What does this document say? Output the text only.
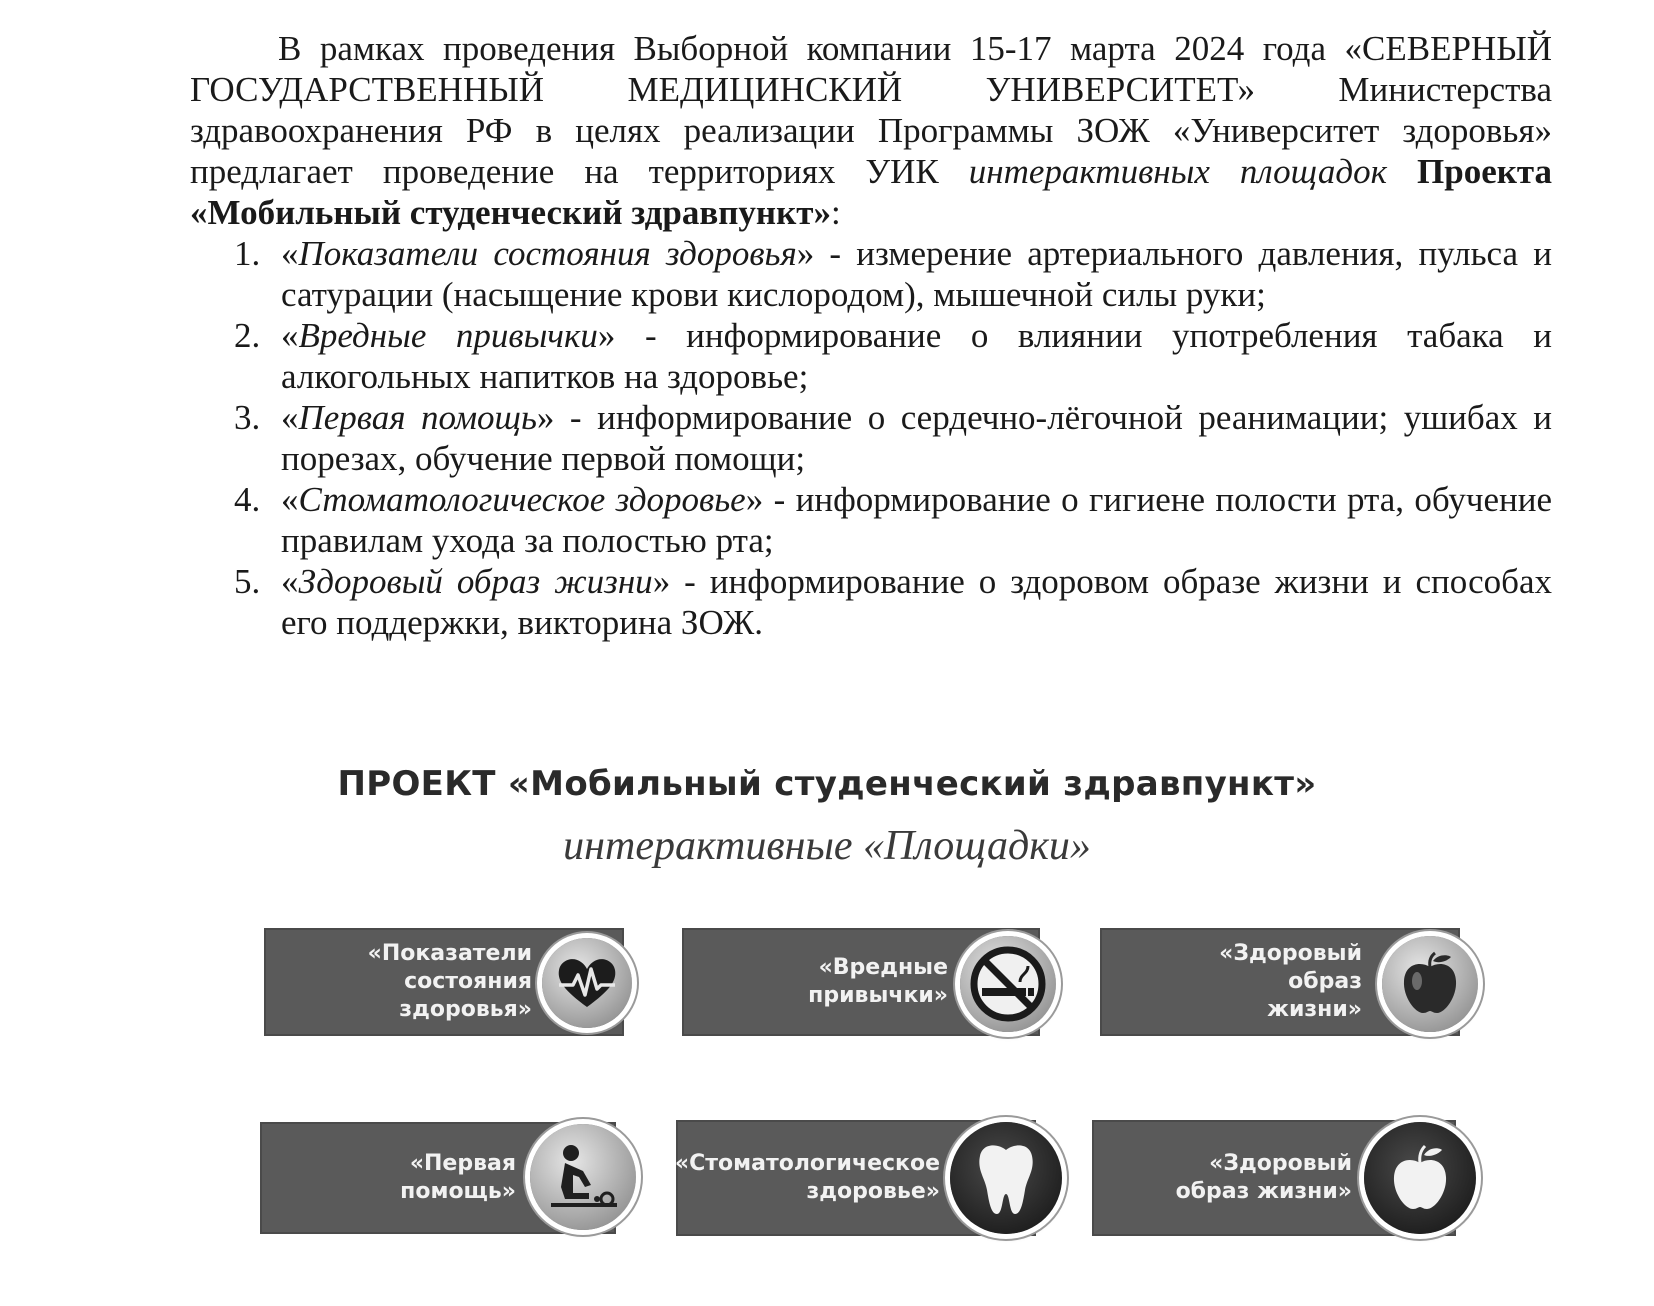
В рамках проведения Выборной компании 15-17 марта 2024 года «СЕВЕРНЫЙ ГОСУДАРСТВЕННЫЙ МЕДИЦИНСКИЙ УНИВЕРСИТЕТ» Министерства здравоохранения РФ в целях реализации Программы ЗОЖ «Университет здоровья» предлагает проведение на территориях УИК интерактивных площадок Проекта «Мобильный студенческий здравпункт»:

1. «Показатели состояния здоровья» - измерение артериального давления, пульса и сатурации (насыщение крови кислородом), мышечной силы руки;
2. «Вредные привычки» - информирование о влиянии употребления табака и алкогольных напитков на здоровье;
3. «Первая помощь» - информирование о сердечно-лёгочной реанимации; ушибах и порезах, обучение первой помощи;
4. «Стоматологическое здоровье» - информирование о гигиене полости рта, обучение правилам ухода за полостью рта;
5. «Здоровый образ жизни» - информирование о здоровом образе жизни и способах его поддержки, викторина ЗОЖ.
ПРОЕКТ «Мобильный студенческий здравпункт»
интерактивные «Площадки»
«Показатели
состояния
здоровья»
«Вредные
привычки»
«Здоровый
образ
жизни»
«Первая
помощь»
«Стоматологическое
здоровье»
«Здоровый
образ жизни»
